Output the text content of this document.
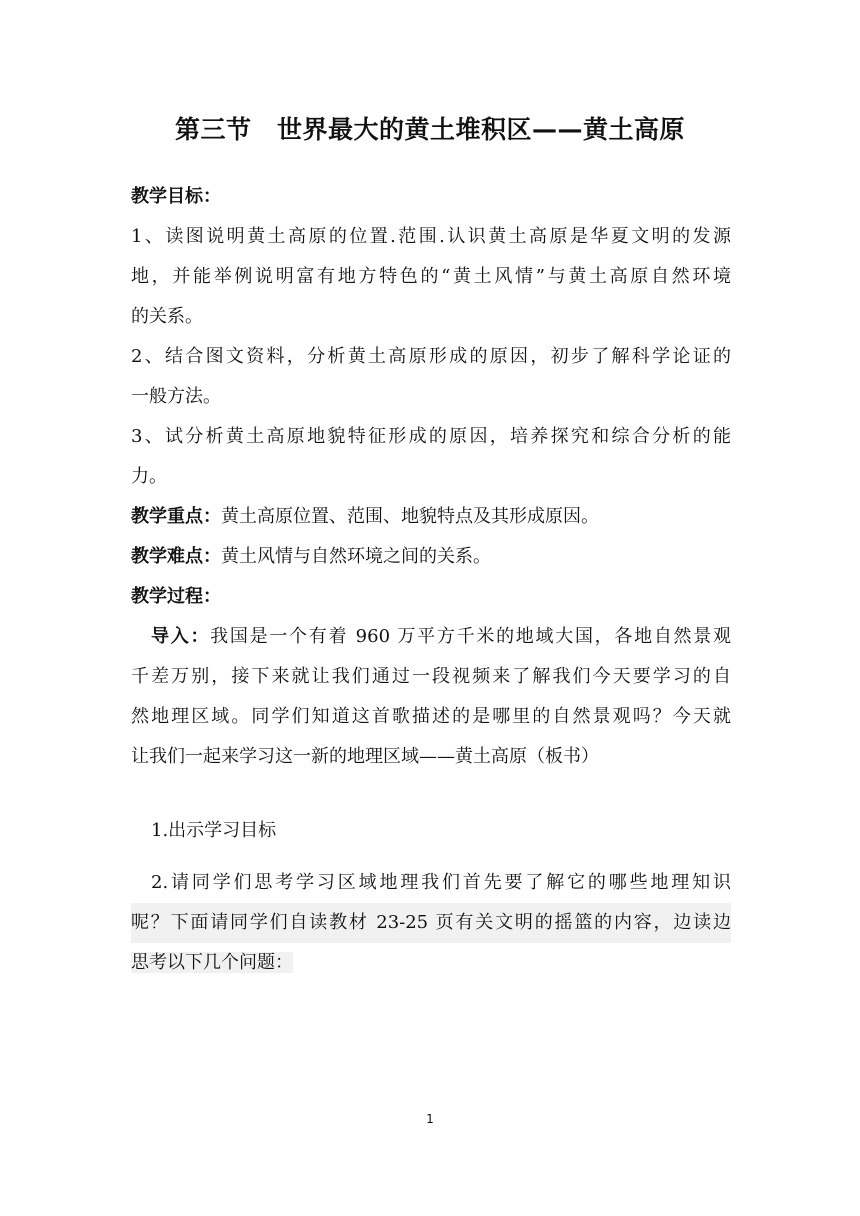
第三节　世界最大的黄土堆积区——黄土高原
教学目标：
1、读图说明黄土高原的位置.范围.认识黄土高原是华夏文明的发源
地，并能举例说明富有地方特色的“黄土风情”与黄土高原自然环境
的关系。
2、结合图文资料，分析黄土高原形成的原因，初步了解科学论证的
一般方法。
3、试分析黄土高原地貌特征形成的原因，培养探究和综合分析的能
力。
教学重点：黄土高原位置、范围、地貌特点及其形成原因。
教学难点：黄土风情与自然环境之间的关系。
教学过程：
导入：我国是一个有着 960 万平方千米的地域大国，各地自然景观
千差万别，接下来就让我们通过一段视频来了解我们今天要学习的自
然地理区域。同学们知道这首歌描述的是哪里的自然景观吗？今天就
让我们一起来学习这一新的地理区域——黄土高原（板书）
1.出示学习目标
2.请同学们思考学习区域地理我们首先要了解它的哪些地理知识
呢？下面请同学们自读教材 23-25 页有关文明的摇篮的内容，边读边
思考以下几个问题：
1
